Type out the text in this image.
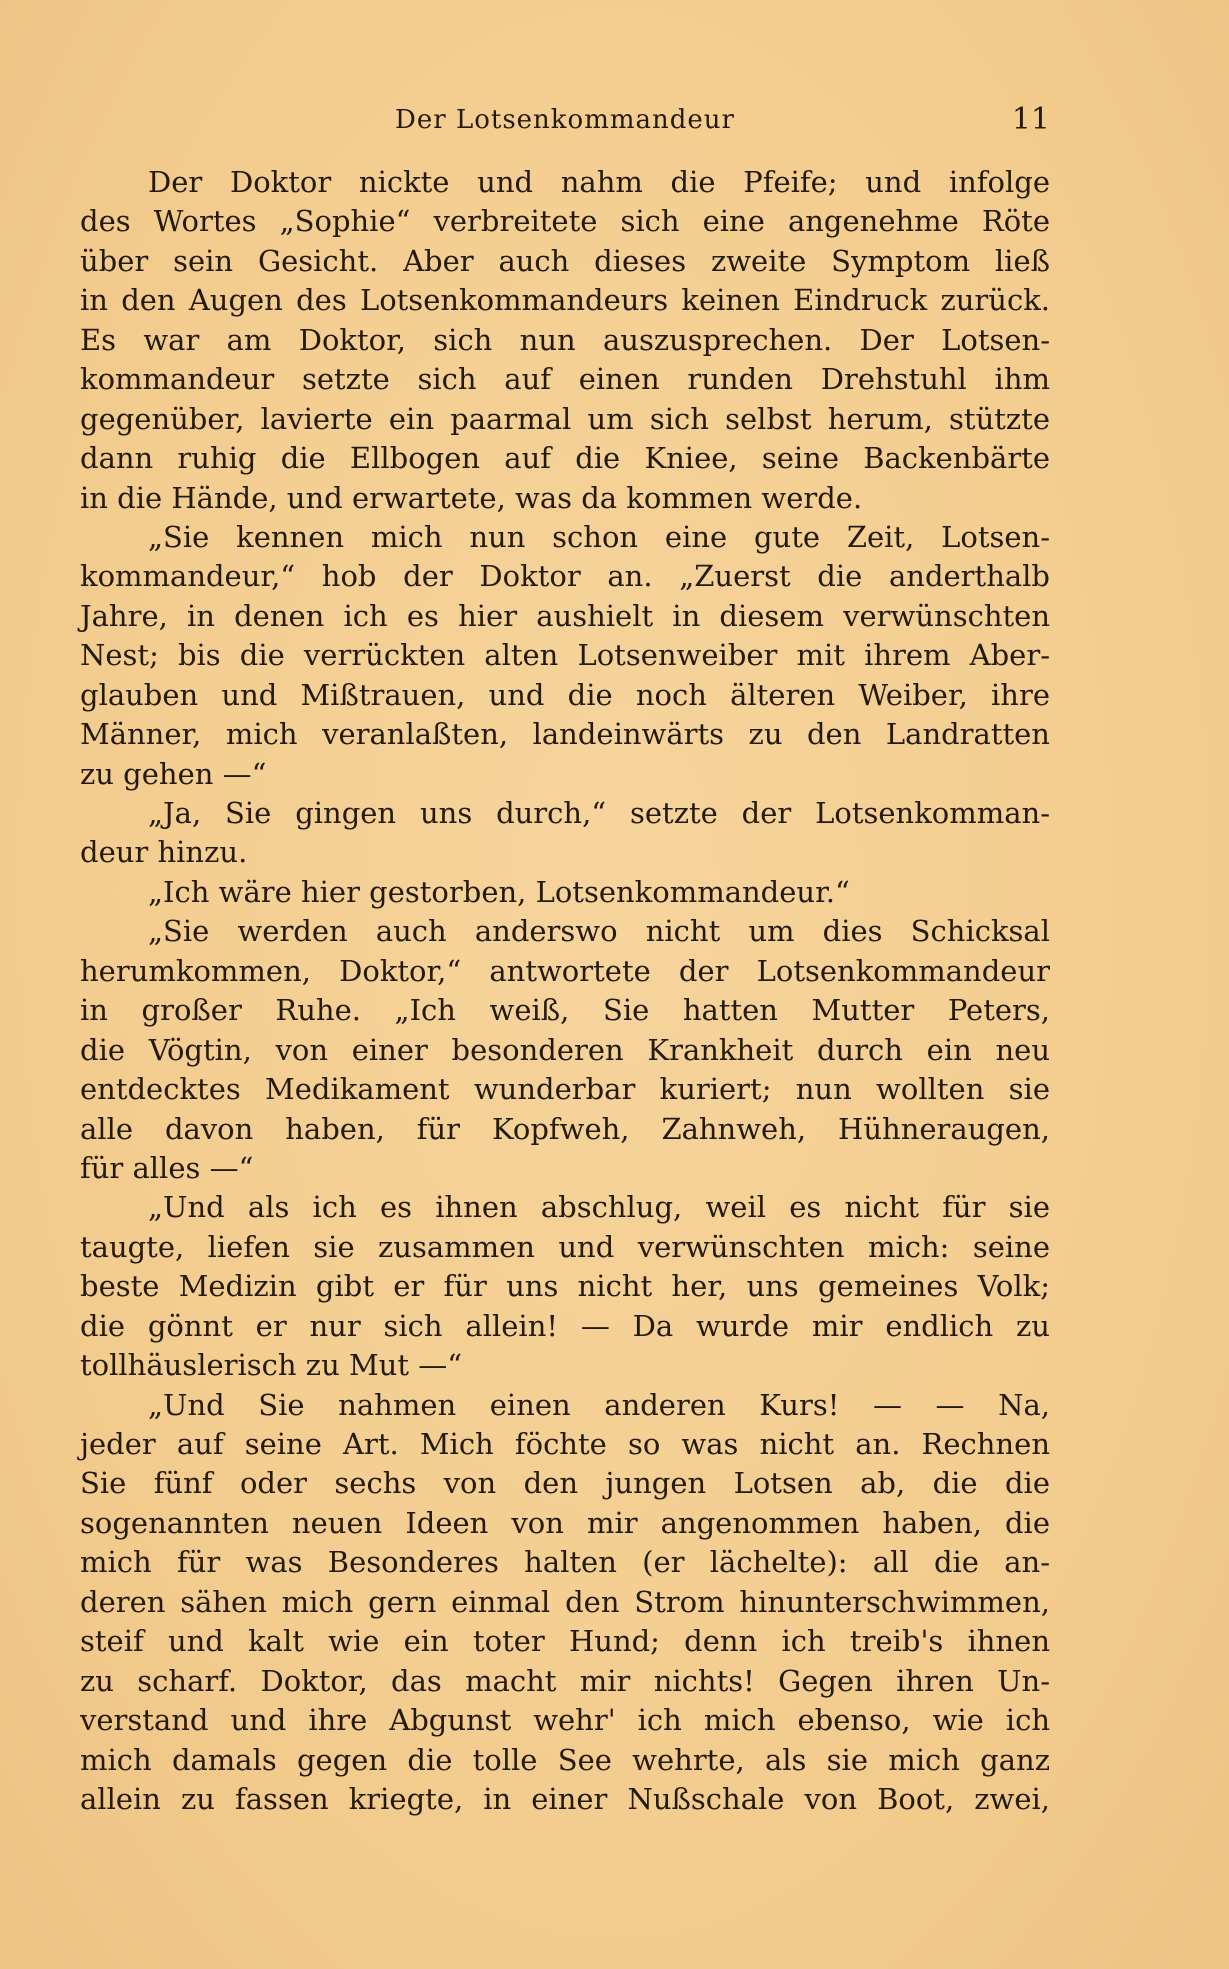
Der Lotsenkommandeur	11
Der Doktor nickte und nahm die Pfeife; und infolge
des Wortes „Sophie“ verbreitete sich eine angenehme Röte
über sein Gesicht. Aber auch dieses zweite Symptom ließ
in den Augen des Lotsenkommandeurs keinen Eindruck zurück.
Es war am Doktor, sich nun auszusprechen. Der Lotsen-
kommandeur setzte sich auf einen runden Drehstuhl ihm
gegenüber, lavierte ein paarmal um sich selbst herum, stützte
dann ruhig die Ellbogen auf die Kniee, seine Backenbärte
in die Hände, und erwartete, was da kommen werde.
„Sie kennen mich nun schon eine gute Zeit, Lotsen-
kommandeur,“ hob der Doktor an. „Zuerst die anderthalb
Jahre, in denen ich es hier aushielt in diesem verwünschten
Nest; bis die verrückten alten Lotsenweiber mit ihrem Aber-
glauben und Mißtrauen, und die noch älteren Weiber, ihre
Männer, mich veranlaßten, landeinwärts zu den Landratten
zu gehen —“
„Ja, Sie gingen uns durch,“ setzte der Lotsenkomman-
deur hinzu.
„Ich wäre hier gestorben, Lotsenkommandeur.“
„Sie werden auch anderswo nicht um dies Schicksal
herumkommen, Doktor,“ antwortete der Lotsenkommandeur
in großer Ruhe. „Ich weiß, Sie hatten Mutter Peters,
die Vögtin, von einer besonderen Krankheit durch ein neu
entdecktes Medikament wunderbar kuriert; nun wollten sie
alle davon haben, für Kopfweh, Zahnweh, Hühneraugen,
für alles —“
„Und als ich es ihnen abschlug, weil es nicht für sie
taugte, liefen sie zusammen und verwünschten mich: seine
beste Medizin gibt er für uns nicht her, uns gemeines Volk;
die gönnt er nur sich allein! — Da wurde mir endlich zu
tollhäuslerisch zu Mut —“
„Und Sie nahmen einen anderen Kurs! — — Na,
jeder auf seine Art. Mich föchte so was nicht an. Rechnen
Sie fünf oder sechs von den jungen Lotsen ab, die die
sogenannten neuen Ideen von mir angenommen haben, die
mich für was Besonderes halten (er lächelte): all die an-
deren sähen mich gern einmal den Strom hinunterschwimmen,
steif und kalt wie ein toter Hund; denn ich treib's ihnen
zu scharf. Doktor, das macht mir nichts! Gegen ihren Un-
verstand und ihre Abgunst wehr' ich mich ebenso, wie ich
mich damals gegen die tolle See wehrte, als sie mich ganz
allein zu fassen kriegte, in einer Nußschale von Boot, zwei,
